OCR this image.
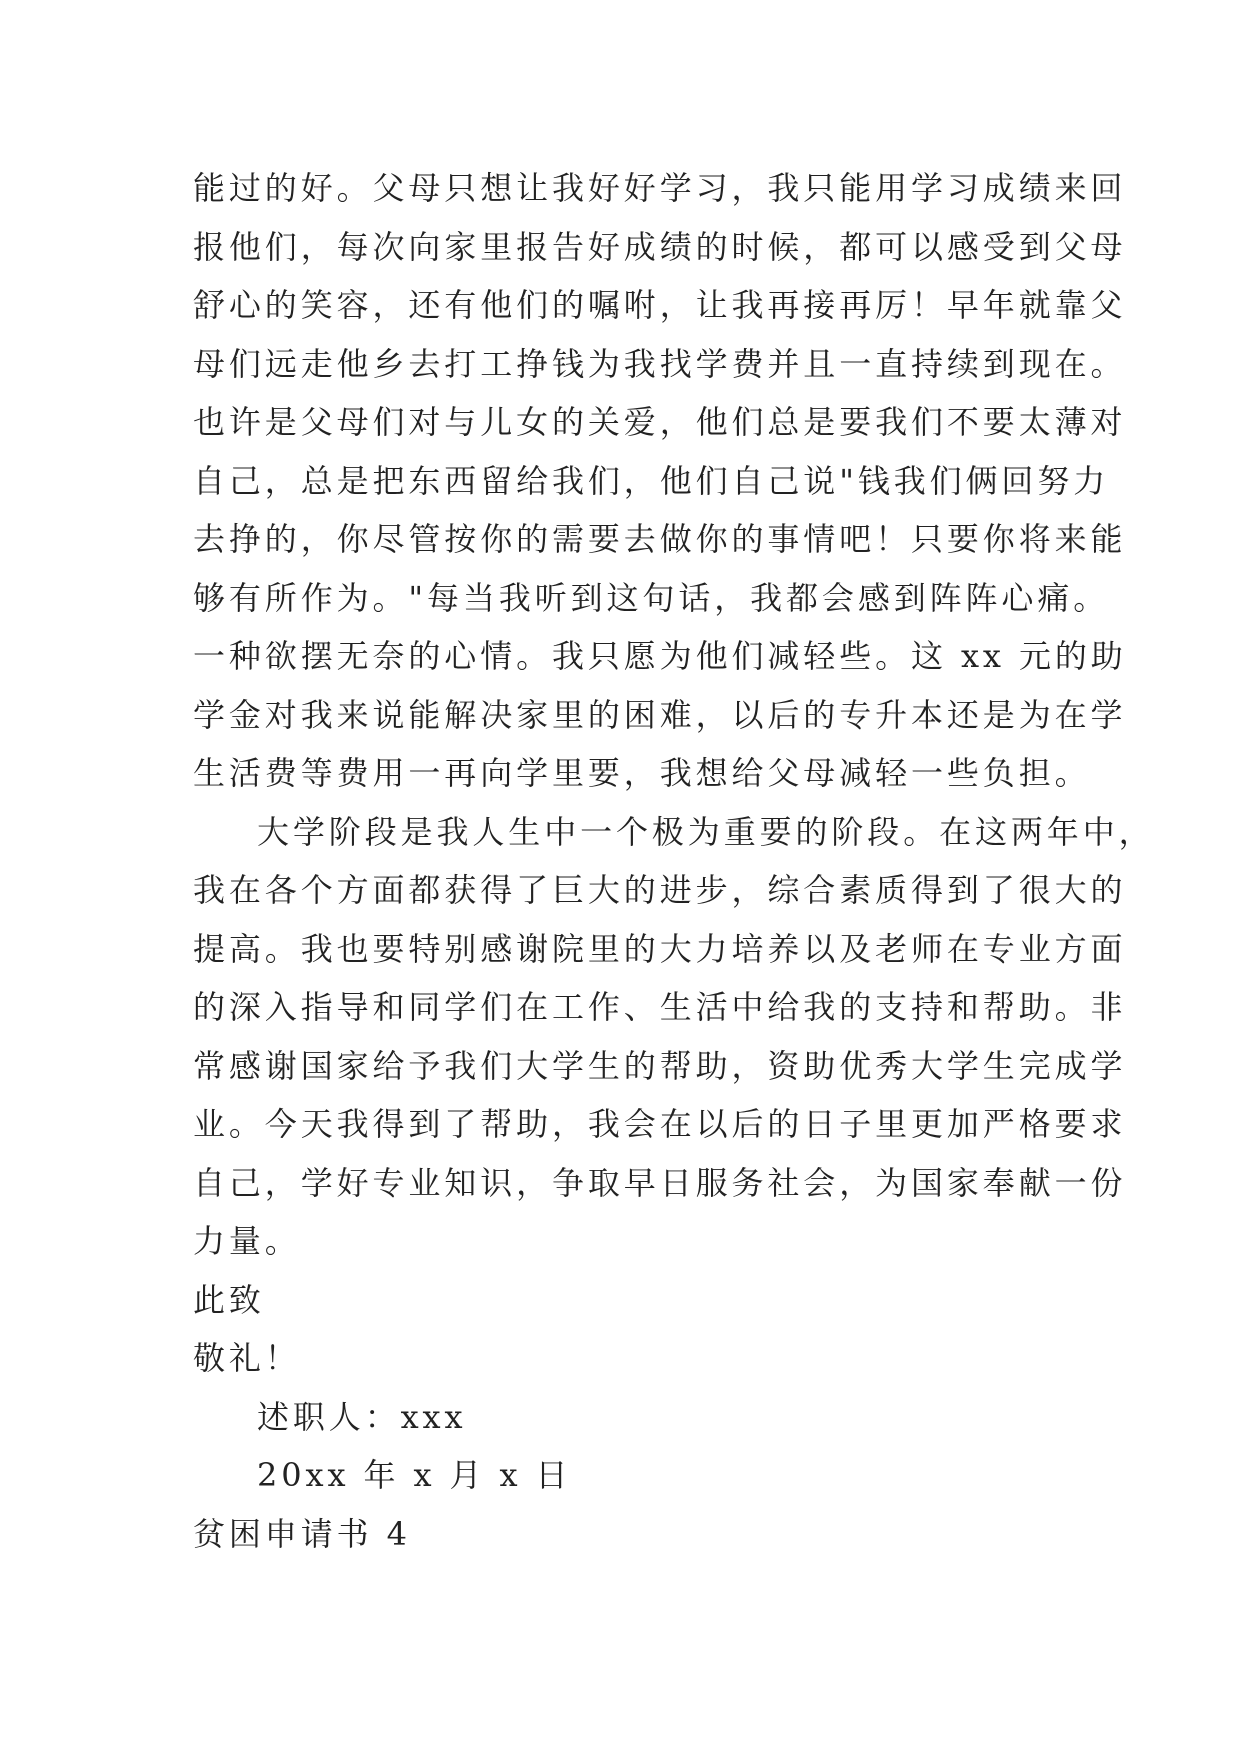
能过的好。父母只想让我好好学习，我只能用学习成绩来回
报他们，每次向家里报告好成绩的时候，都可以感受到父母
舒心的笑容，还有他们的嘱咐，让我再接再厉！早年就靠父
母们远走他乡去打工挣钱为我找学费并且一直持续到现在。
也许是父母们对与儿女的关爱，他们总是要我们不要太薄对
自己，总是把东西留给我们，他们自己说"钱我们俩回努力
去挣的，你尽管按你的需要去做你的事情吧！只要你将来能
够有所作为。"每当我听到这句话，我都会感到阵阵心痛。
一种欲摆无奈的心情。我只愿为他们减轻些。这 xx 元的助
学金对我来说能解决家里的困难，以后的专升本还是为在学
生活费等费用一再向学里要，我想给父母减轻一些负担。
大学阶段是我人生中一个极为重要的阶段。在这两年中，
我在各个方面都获得了巨大的进步，综合素质得到了很大的
提高。我也要特别感谢院里的大力培养以及老师在专业方面
的深入指导和同学们在工作、生活中给我的支持和帮助。非
常感谢国家给予我们大学生的帮助，资助优秀大学生完成学
业。今天我得到了帮助，我会在以后的日子里更加严格要求
自己，学好专业知识，争取早日服务社会，为国家奉献一份
力量。
此致
敬礼！
述职人：xxx
20xx 年 x 月 x 日
贫困申请书 4
